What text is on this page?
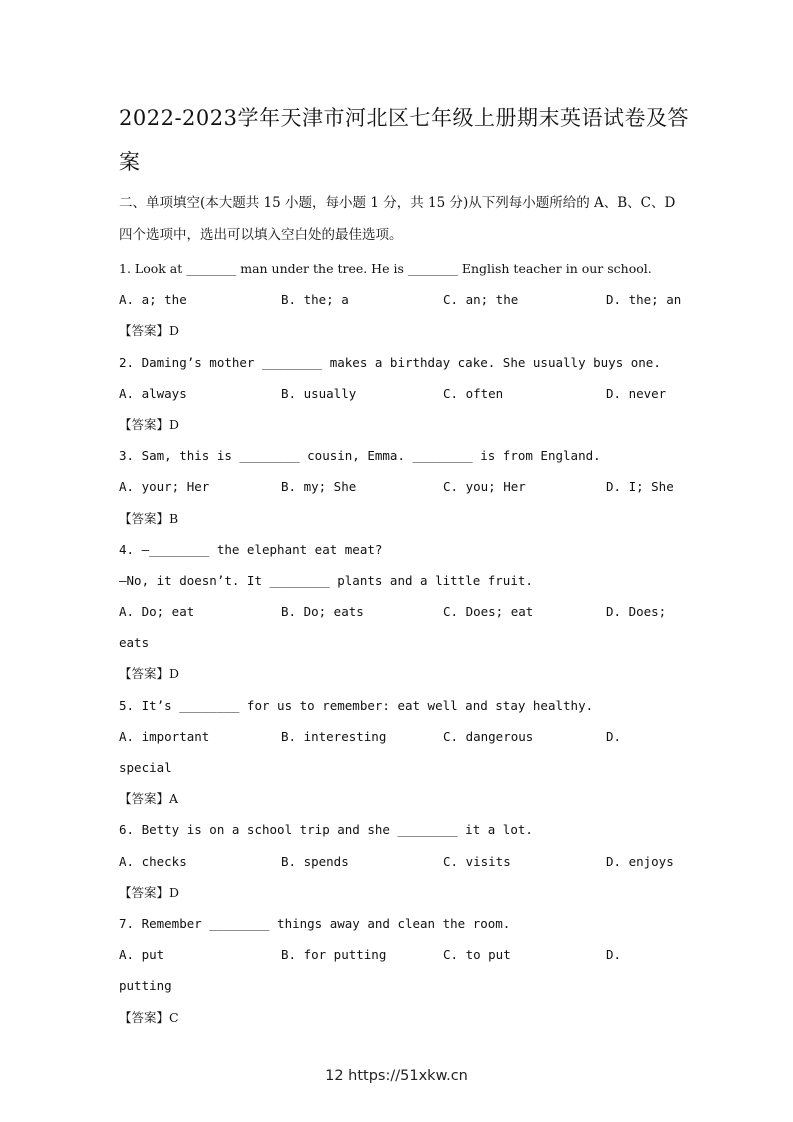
2022-2023学年天津市河北区七年级上册期末英语试卷及答案
二、单项填空(本大题共 15 小题，每小题 1 分，共 15 分)从下列每小题所给的 A、B、C、D 四个选项中，选出可以填入空白处的最佳选项。
1. Look at ________ man under the tree. He is ________ English teacher in our school.
A. a; the	B. the; a	C. an; the	D. the; an
【答案】D
2. Daming’s mother ________ makes a birthday cake. She usually buys one.
A. always	B. usually	C. often	D. never
【答案】D
3. Sam, this is ________ cousin, Emma. ________ is from England.
A. your; Her	B. my; She	C. you; Her	D. I; She
【答案】B
4. —________ the elephant eat meat?
—No, it doesn’t. It ________ plants and a little fruit.
A. Do; eat	B. Do; eats	C. Does; eat	D. Does;
eats
【答案】D
5. It’s ________ for us to remember: eat well and stay healthy.
A. important	B. interesting	C. dangerous	D.
special
【答案】A
6. Betty is on a school trip and she ________ it a lot.
A. checks	B. spends	C. visits	D. enjoys
【答案】D
7. Remember ________ things away and clean the room.
A. put	B. for putting	C. to put	D.
putting
【答案】C
12 https://51xkw.cn
